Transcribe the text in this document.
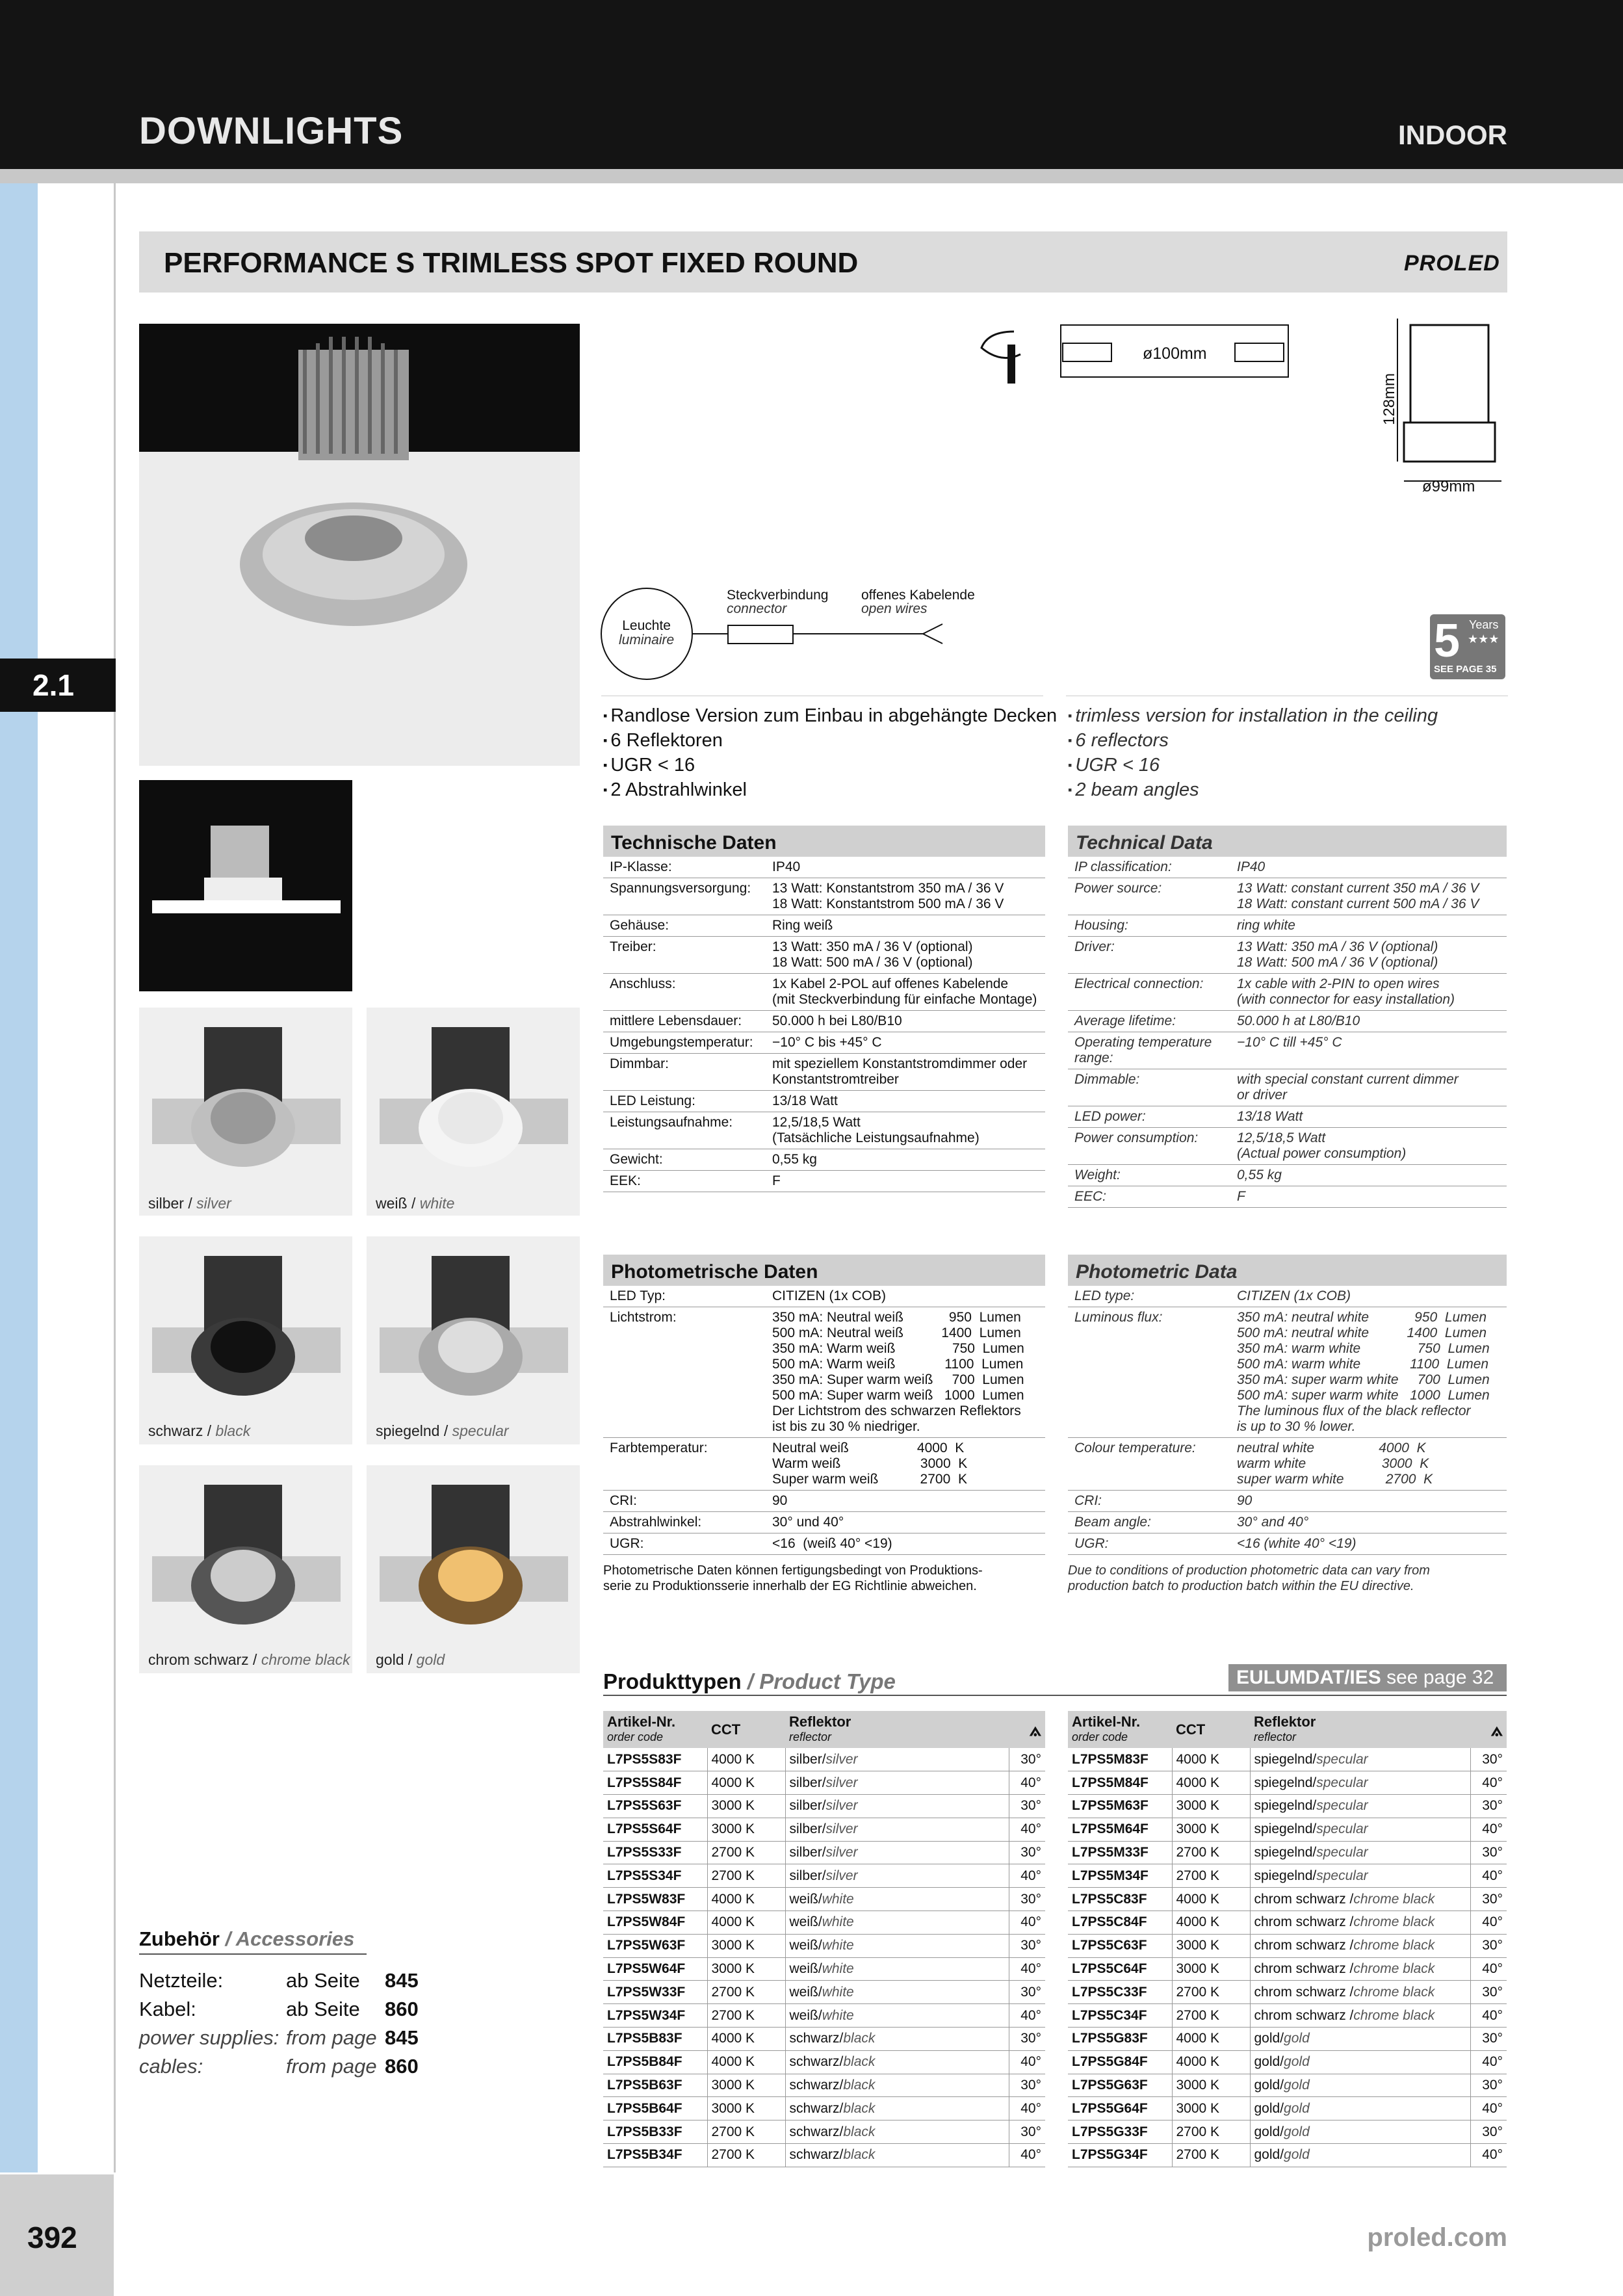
DOWNLIGHTS	INDOOR
2.1
392	proled.com
PERFORMANCE S TRIMLESS SPOT FIXED ROUND	PROLED
silber / silver	weiß / white
schwarz / black	spiegelnd / specular
chrom schwarz / chrome black gold / gold
ø100mm
128mm
ø99mm
Leuchte
luminaire
Steckverbindung
connector
offenes Kabelende
open wires
5 Years
★★★
SEE PAGE 35
▪ Randlose Version zum Einbau in abgehängte Decken
▪ 6 Reflektoren
▪ UGR < 16
▪ 2 Abstrahlwinkel
▪ trimless version for installation in the ceiling
▪ 6 reflectors
▪ UGR < 16
▪ 2 beam angles
Technische Daten
IP-Klasse:	IP40
Spannungsversorgung:	13 Watt: Konstantstrom 350 mA / 36 V
18 Watt: Konstantstrom 500 mA / 36 V
Gehäuse:	Ring weiß
Treiber:	13 Watt: 350 mA / 36 V (optional)
18 Watt: 500 mA / 36 V (optional)
Anschluss:	1x Kabel 2-POL auf offenes Kabelende
(mit Steckverbindung für einfache Montage)
mittlere Lebensdauer:	50.000 h bei L80/B10
Umgebungstemperatur:	−10° C bis +45° C
Dimmbar:	mit speziellem Konstantstromdimmer oder
Konstantstromtreiber
LED Leistung:	13/18 Watt
Leistungsaufnahme:	12,5/18,5 Watt
(Tatsächliche Leistungsaufnahme)
Gewicht:	0,55 kg
EEK:	F
Technical Data
IP classification:	IP40
Power source:	13 Watt: constant current 350 mA / 36 V
18 Watt: constant current 500 mA / 36 V
Housing:	ring white
Driver:	13 Watt: 350 mA / 36 V (optional)
18 Watt: 500 mA / 36 V (optional)
Electrical connection:	1x cable with 2-PIN to open wires
(with connector for easy installation)
Average lifetime:	50.000 h at L80/B10
Operating temperature
range:
−10° C till +45° C
Dimmable:	with special constant current dimmer
or driver
LED power:	13/18 Watt
Power consumption:	12,5/18,5 Watt
(Actual power consumption)
Weight:	0,55 kg
EEC:	F
Photometrische Daten
LED Typ:	CITIZEN (1x COB)
Lichtstrom:	350 mA: Neutral weiß            950  Lumen
500 mA: Neutral weiß          1400  Lumen
350 mA: Warm weiß               750  Lumen
500 mA: Warm weiß             1100  Lumen
350 mA: Super warm weiß     700  Lumen
500 mA: Super warm weiß   1000  Lumen
Der Lichtstrom des schwarzen Reflektors
ist bis zu 30 % niedriger.
Farbtemperatur:	Neutral weiß                  4000  K
Warm weiß                     3000  K
Super warm weiß           2700  K
CRI:	90
Abstrahlwinkel:	30° und 40°
UGR:	<16  (weiß 40° <19)
Photometrische Daten können fertigungsbedingt von Produktions-
serie zu Produktionsserie innerhalb der EG Richtlinie abweichen.
Photometric Data
LED type:	CITIZEN (1x COB)
Luminous flux:	350 mA: neutral white            950  Lumen
500 mA: neutral white          1400  Lumen
350 mA: warm white               750  Lumen
500 mA: warm white             1100  Lumen
350 mA: super warm white     700  Lumen
500 mA: super warm white   1000  Lumen
The luminous flux of the black reflector
is up to 30 % lower.
Colour temperature:	neutral white                 4000  K
warm white                    3000  K
super warm white           2700  K
CRI:	90
Beam angle:	30° and 40°
UGR:	<16 (white 40° <19)
Due to conditions of production photometric data can vary from
production batch to production batch within the EU directive.
Produkttypen / Product Type	EULUMDAT/IES see page 32
Artikel-Nr.
order code	CCT	Reflektor
reflector	⟑
L7PS5S83F	4000 K	silber/silver	30°
L7PS5S84F	4000 K	silber/silver	40°
L7PS5S63F	3000 K	silber/silver	30°
L7PS5S64F	3000 K	silber/silver	40°
L7PS5S33F	2700 K	silber/silver	30°
L7PS5S34F	2700 K	silber/silver	40°
L7PS5W83F	4000 K	weiß/white	30°
L7PS5W84F	4000 K	weiß/white	40°
L7PS5W63F	3000 K	weiß/white	30°
L7PS5W64F	3000 K	weiß/white	40°
L7PS5W33F	2700 K	weiß/white	30°
L7PS5W34F	2700 K	weiß/white	40°
L7PS5B83F	4000 K	schwarz/black	30°
L7PS5B84F	4000 K	schwarz/black	40°
L7PS5B63F	3000 K	schwarz/black	30°
L7PS5B64F	3000 K	schwarz/black	40°
L7PS5B33F	2700 K	schwarz/black	30°
L7PS5B34F	2700 K	schwarz/black	40°
Artikel-Nr.
order code	CCT	Reflektor
reflector	⟑
L7PS5M83F	4000 K	spiegelnd/specular	30°
L7PS5M84F	4000 K	spiegelnd/specular	40°
L7PS5M63F	3000 K	spiegelnd/specular	30°
L7PS5M64F	3000 K	spiegelnd/specular	40°
L7PS5M33F	2700 K	spiegelnd/specular	30°
L7PS5M34F	2700 K	spiegelnd/specular	40°
L7PS5C83F	4000 K	chrom schwarz /chrome black	30°
L7PS5C84F	4000 K	chrom schwarz /chrome black	40°
L7PS5C63F	3000 K	chrom schwarz /chrome black	30°
L7PS5C64F	3000 K	chrom schwarz /chrome black	40°
L7PS5C33F	2700 K	chrom schwarz /chrome black	30°
L7PS5C34F	2700 K	chrom schwarz /chrome black	40°
L7PS5G83F	4000 K	gold/gold	30°
L7PS5G84F	4000 K	gold/gold	40°
L7PS5G63F	3000 K	gold/gold	30°
L7PS5G64F	3000 K	gold/gold	40°
L7PS5G33F	2700 K	gold/gold	30°
L7PS5G34F	2700 K	gold/gold	40°
Zubehör / Accessories
Netzteile:	ab Seite	845
Kabel:	ab Seite	860
power supplies: from page 845
cables:	from page 860
